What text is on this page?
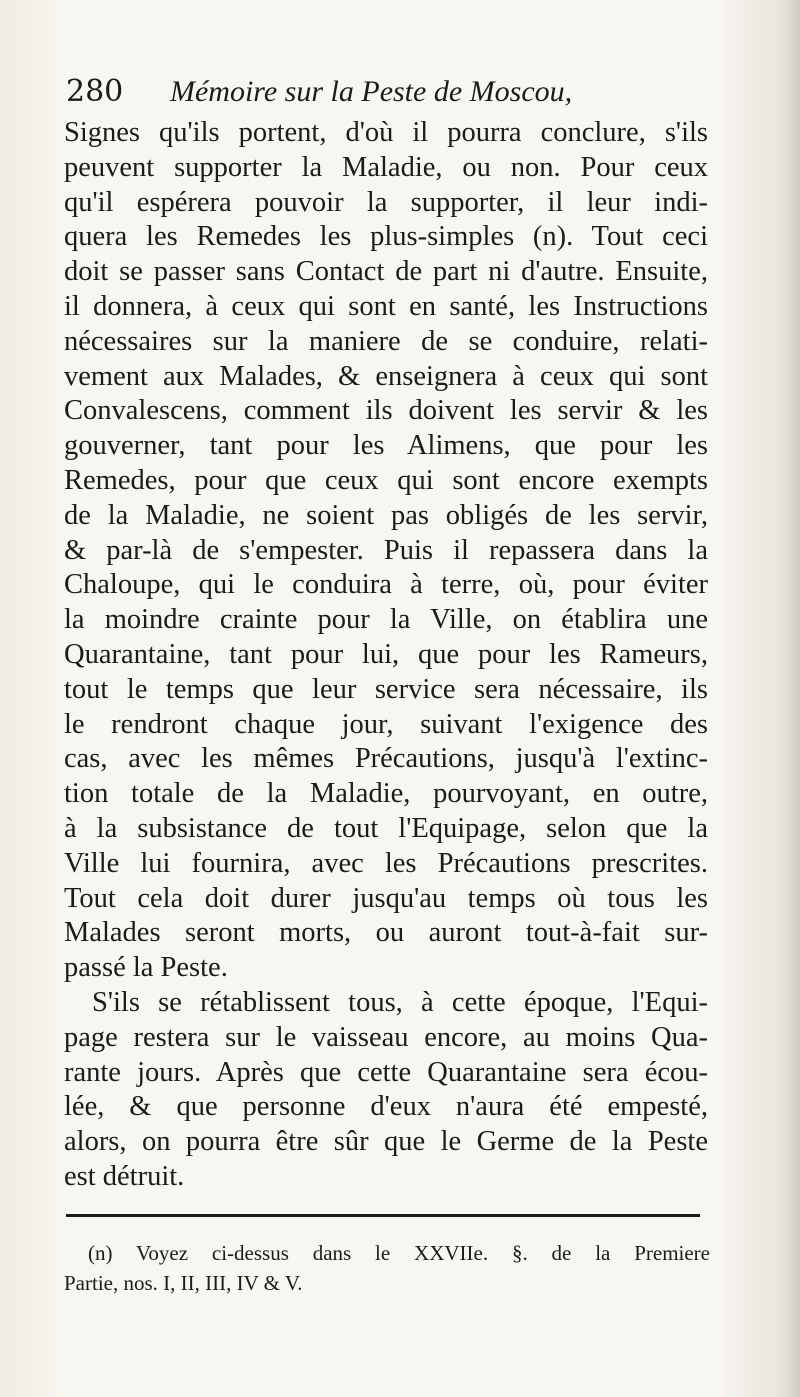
280 Mémoire sur la Peste de Moscou,
Signes qu'ils portent, d'où il pourra conclure, s'ils
peuvent supporter la Maladie, ou non. Pour ceux
qu'il espérera pouvoir la supporter, il leur indi-
quera les Remedes les plus-simples (n). Tout ceci
doit se passer sans Contact de part ni d'autre. Ensuite,
il donnera, à ceux qui sont en santé, les Instructions
nécessaires sur la maniere de se conduire, relati-
vement aux Malades, & enseignera à ceux qui sont
Convalescens, comment ils doivent les servir & les
gouverner, tant pour les Alimens, que pour les
Remedes, pour que ceux qui sont encore exempts
de la Maladie, ne soient pas obligés de les servir,
& par-là de s'empester. Puis il repassera dans la
Chaloupe, qui le conduira à terre, où, pour éviter
la moindre crainte pour la Ville, on établira une
Quarantaine, tant pour lui, que pour les Rameurs,
tout le temps que leur service sera nécessaire, ils
le rendront chaque jour, suivant l'exigence des
cas, avec les mêmes Précautions, jusqu'à l'extinc-
tion totale de la Maladie, pourvoyant, en outre,
à la subsistance de tout l'Equipage, selon que la
Ville lui fournira, avec les Précautions prescrites.
Tout cela doit durer jusqu'au temps où tous les
Malades seront morts, ou auront tout-à-fait sur-
passé la Peste.
S'ils se rétablissent tous, à cette époque, l'Equi-
page restera sur le vaisseau encore, au moins Qua-
rante jours. Après que cette Quarantaine sera écou-
lée, & que personne d'eux n'aura été empesté,
alors, on pourra être sûr que le Germe de la Peste
est détruit.
(n) Voyez ci-dessus dans le XXVIIe. §. de la Premiere
Partie, nos. I, II, III, IV & V.
